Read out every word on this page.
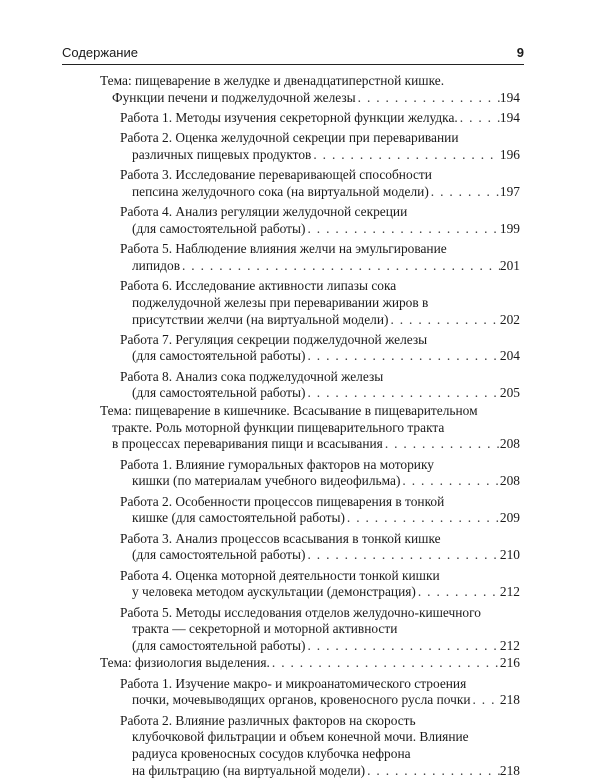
Содержание	9
Тема: пищеварение в желудке и двенадцатиперстной кишке.
Функции печени и поджелудочной железы . . .	194
Работа 1. Методы изучения секреторной функции желудка. . . .	194
Работа 2. Оценка желудочной секреции при переваривании
различных пищевых продуктов . . .	196
Работа 3. Исследование переваривающей способности
пепсина желудочного сока (на виртуальной модели) . . .	197
Работа 4. Анализ регуляции желудочной секреции
(для самостоятельной работы) . . .	199
Работа 5. Наблюдение влияния желчи на эмульгирование
липидов . . .	201
Работа 6. Исследование активности липазы сока
поджелудочной железы при переваривании жиров в
присутствии желчи (на виртуальной модели) . . .	202
Работа 7. Регуляция секреции поджелудочной железы
(для самостоятельной работы) . . .	204
Работа 8. Анализ сока поджелудочной железы
(для самостоятельной работы) . . .	205
Тема: пищеварение в кишечнике. Всасывание в пищеварительном
тракте. Роль моторной функции пищеварительного тракта
в процессах переваривания пищи и всасывания . . .	208
Работа 1. Влияние гуморальных факторов на моторику
кишки (по материалам учебного видеофильма) . . .	208
Работа 2. Особенности процессов пищеварения в тонкой
кишке (для самостоятельной работы) . . .	209
Работа 3. Анализ процессов всасывания в тонкой кишке
(для самостоятельной работы) . . .	210
Работа 4. Оценка моторной деятельности тонкой кишки
у человека методом аускультации (демонстрация) . . .	212
Работа 5. Методы исследования отделов желудочно-кишечного
тракта — секреторной и моторной активности
(для самостоятельной работы) . . .	212
Тема: физиология выделения. . . .	216
Работа 1. Изучение макро- и микроанатомического строения
почки, мочевыводящих органов, кровеносного русла почки . . . 218
Работа 2. Влияние различных факторов на скорость
клубочковой фильтрации и объем конечной мочи. Влияние
радиуса кровеносных сосудов клубочка нефрона
на фильтрацию (на виртуальной модели) . . .	218
